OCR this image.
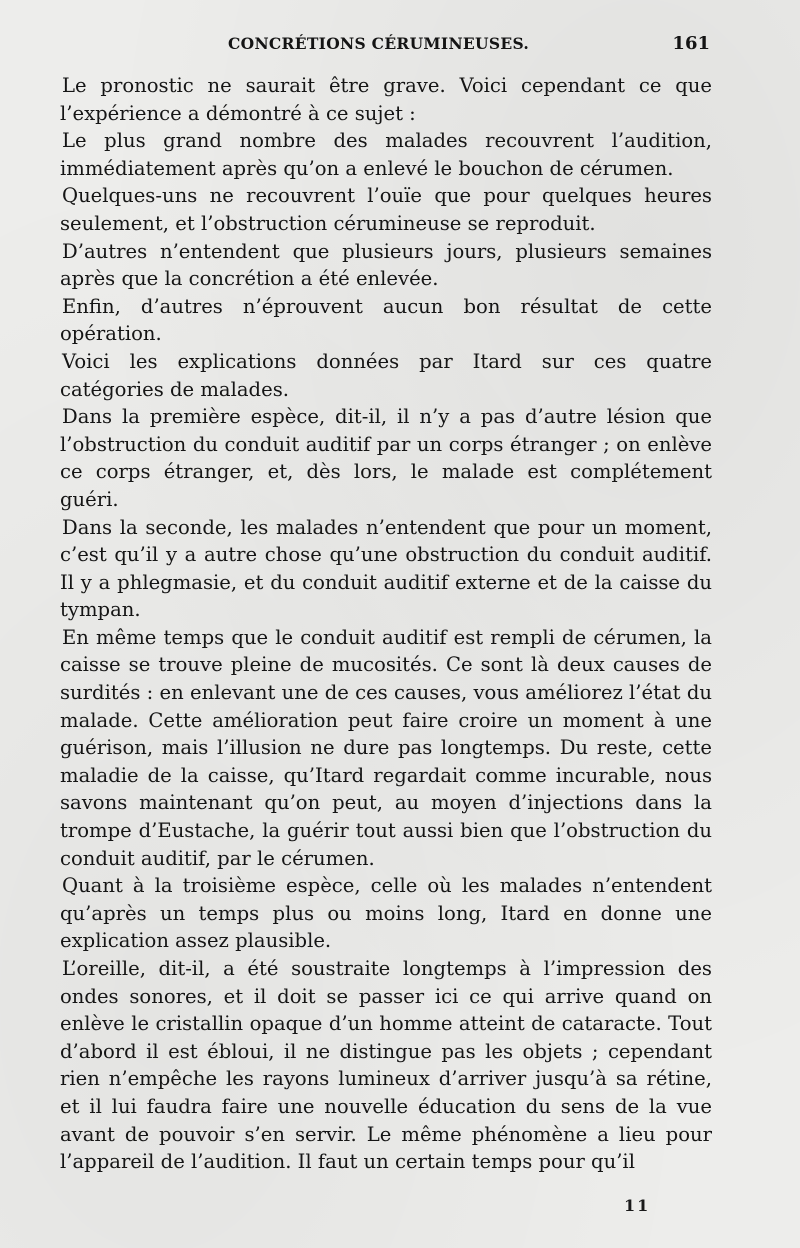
CONCRÉTIONS CÉRUMINEUSES.	161

Le pronostic ne saurait être grave. Voici cependant ce que l’expérience a démontré à ce sujet :

Le plus grand nombre des malades recouvrent l’audition, immédiatement après qu’on a enlevé le bouchon de cérumen.

Quelques-uns ne recouvrent l’ouïe que pour quelques heures seulement, et l’obstruction cérumineuse se reproduit.

D’autres n’entendent que plusieurs jours, plusieurs semaines après que la concrétion a été enlevée.

Enfin, d’autres n’éprouvent aucun bon résultat de cette opération.

Voici les explications données par Itard sur ces quatre catégories de malades.

Dans la première espèce, dit-il, il n’y a pas d’autre lésion que l’obstruction du conduit auditif par un corps étranger ; on enlève ce corps étranger, et, dès lors, le malade est complétement guéri.

Dans la seconde, les malades n’entendent que pour un moment, c’est qu’il y a autre chose qu’une obstruction du conduit auditif. Il y a phlegmasie, et du conduit auditif externe et de la caisse du tympan.

En même temps que le conduit auditif est rempli de cérumen, la caisse se trouve pleine de mucosités. Ce sont là deux causes de surdités : en enlevant une de ces causes, vous améliorez l’état du malade. Cette amélioration peut faire croire un moment à une guérison, mais l’illusion ne dure pas longtemps. Du reste, cette maladie de la caisse, qu’Itard regardait comme incurable, nous savons maintenant qu’on peut, au moyen d’injections dans la trompe d’Eustache, la guérir tout aussi bien que l’obstruction du conduit auditif, par le cérumen.

Quant à la troisième espèce, celle où les malades n’entendent qu’après un temps plus ou moins long, Itard en donne une explication assez plausible.

L’oreille, dit-il, a été soustraite longtemps à l’impression des ondes sonores, et il doit se passer ici ce qui arrive quand on enlève le cristallin opaque d’un homme atteint de cataracte. Tout d’abord il est ébloui, il ne distingue pas les objets ; cependant rien n’empêche les rayons lumineux d’arriver jusqu’à sa rétine, et il lui faudra faire une nouvelle éducation du sens de la vue avant de pouvoir s’en servir. Le même phénomène a lieu pour l’appareil de l’audition. Il faut un certain temps pour qu’il

11
